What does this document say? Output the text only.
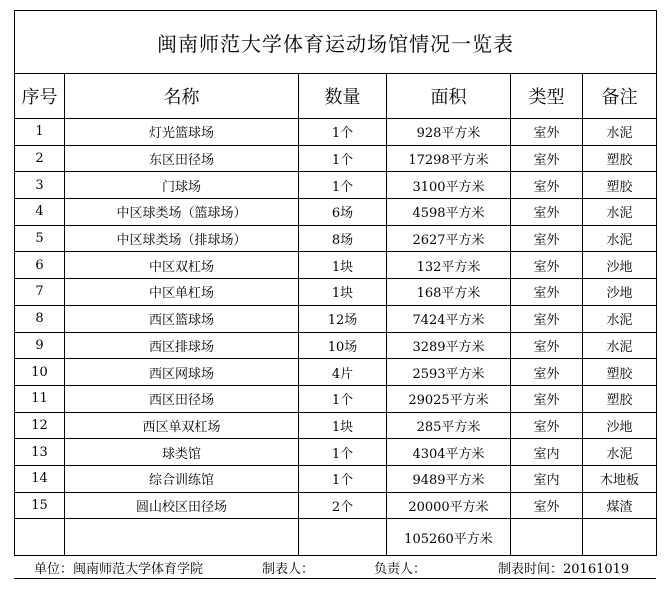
闽南师范大学体育运动场馆情况一览表					
序号	名称	数量	面积	类型	备注
1	灯光篮球场	1个	928平方米	室外	水泥
2	东区田径场	1个	17298平方米	室外	塑胶
3	门球场	1个	3100平方米	室外	塑胶
4	中区球类场（篮球场）	6场	4598平方米	室外	水泥
5	中区球类场（排球场）	8场	2627平方米	室外	水泥
6	中区双杠场	1块	132平方米	室外	沙地
7	中区单杠场	1块	168平方米	室外	沙地
8	西区篮球场	12场	7424平方米	室外	水泥
9	西区排球场	10场	3289平方米	室外	水泥
10	西区网球场	4片	2593平方米	室外	塑胶
11	西区田径场	1个	29025平方米	室外	塑胶
12	西区单双杠场	1块	285平方米	室外	沙地
13	球类馆	1个	4304平方米	室内	水泥
14	综合训练馆	1个	9489平方米	室内	木地板
15	圆山校区田径场	2个	20000平方米	室外	煤渣
			105260平方米		
单位：闽南师范大学体育学院	制表人：	负责人：	制表时间：20161019
